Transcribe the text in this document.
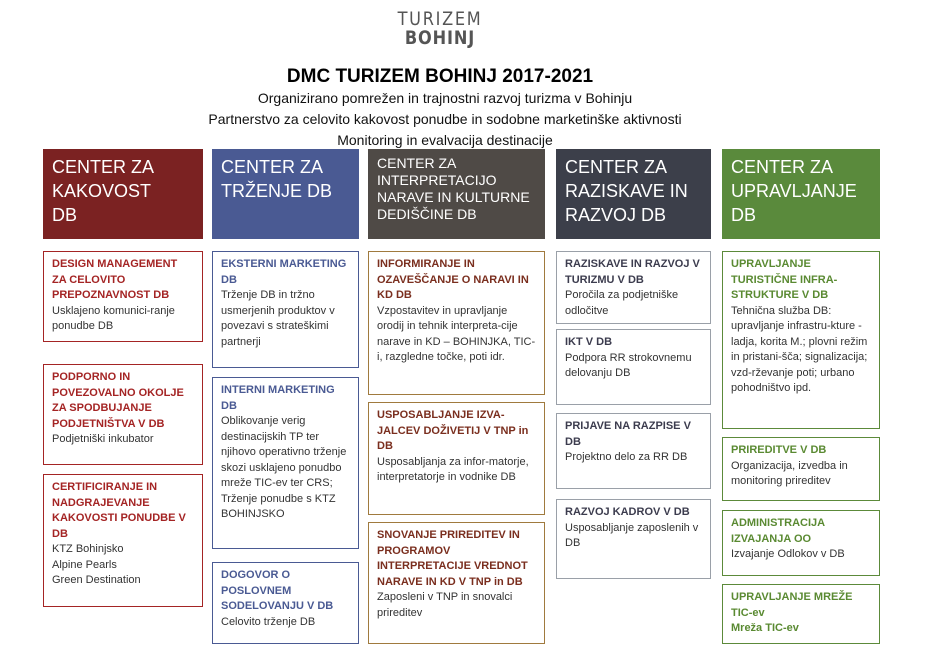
TURIZEM
BOHINJ
DMC TURIZEM BOHINJ 2017-2021
Organizirano pomrežen in trajnostni razvoj turizma v Bohinju
Partnerstvo za celovito kakovost ponudbe in sodobne marketinške aktivnosti
Monitoring in evalvacija destinacije
CENTER ZA
KAKOVOST
DB
CENTER ZA
TRŽENJE DB
CENTER ZA
INTERPRETACIJO
NARAVE IN KULTURNE
DEDIŠČINE DB
CENTER ZA
RAZISKAVE IN
RAZVOJ DB
CENTER ZA
UPRAVLJANJE
DB
DESIGN MANAGEMENT ZA CELOVITO PREPOZNAVNOST DB
Usklajeno komunici-ranje ponudbe DB
PODPORNO IN POVEZOVALNO OKOLJE ZA SPODBUJANJE PODJETNIŠTVA V DB
Podjetniški inkubator
CERTIFICIRANJE IN NADGRAJEVANJE KAKOVOSTI PONUDBE V DB
KTZ Bohinjsko
Alpine Pearls
Green Destination
EKSTERNI MARKETING DB
Trženje DB in tržno usmerjenih produktov v povezavi s strateškimi partnerji
INTERNI MARKETING DB
Oblikovanje verig destinacijskih TP ter njihovo operativno trženje skozi usklajeno ponudbo mreže TIC-ev ter CRS;
Trženje ponudbe s KTZ BOHINJSKO
DOGOVOR O POSLOVNEM SODELOVANJU V DB
Celovito trženje DB
INFORMIRANJE IN OZAVEŠČANJE O NARAVI IN KD DB
Vzpostavitev in upravljanje orodij in tehnik interpreta-cije narave in KD – BOHINJKA, TIC-i, razgledne točke, poti idr.
USPOSABLJANJE IZVA-JALCEV DOŽIVETIJ V TNP in DB
Usposabljanja za infor-matorje, interpretatorje in vodnike DB
SNOVANJE PRIREDITEV IN PROGRAMOV INTERPRETACIJE VREDNOT NARAVE IN KD V TNP in DB
Zaposleni v TNP in snovalci prireditev
RAZISKAVE IN RAZVOJ V TURIZMU V DB
Poročila za podjetniške odločitve
IKT V DB
Podpora RR strokovnemu delovanju DB
PRIJAVE NA RAZPISE V DB
Projektno delo za RR DB
RAZVOJ KADROV V DB
Usposabljanje zaposlenih v DB
UPRAVLJANJE TURISTIČNE INFRA-STRUKTURE V DB
Tehnična služba DB: upravljanje infrastru-kture - ladja, korita M.; plovni režim in pristani-šča; signalizacija; vzd-rževanje poti; urbano pohodništvo ipd.
PRIREDITVE V DB
Organizacija, izvedba in monitoring prireditev
ADMINISTRACIJA IZVAJANJA OO
Izvajanje Odlokov v DB
UPRAVLJANJE MREŽE TIC-ev
Mreža TIC-ev
